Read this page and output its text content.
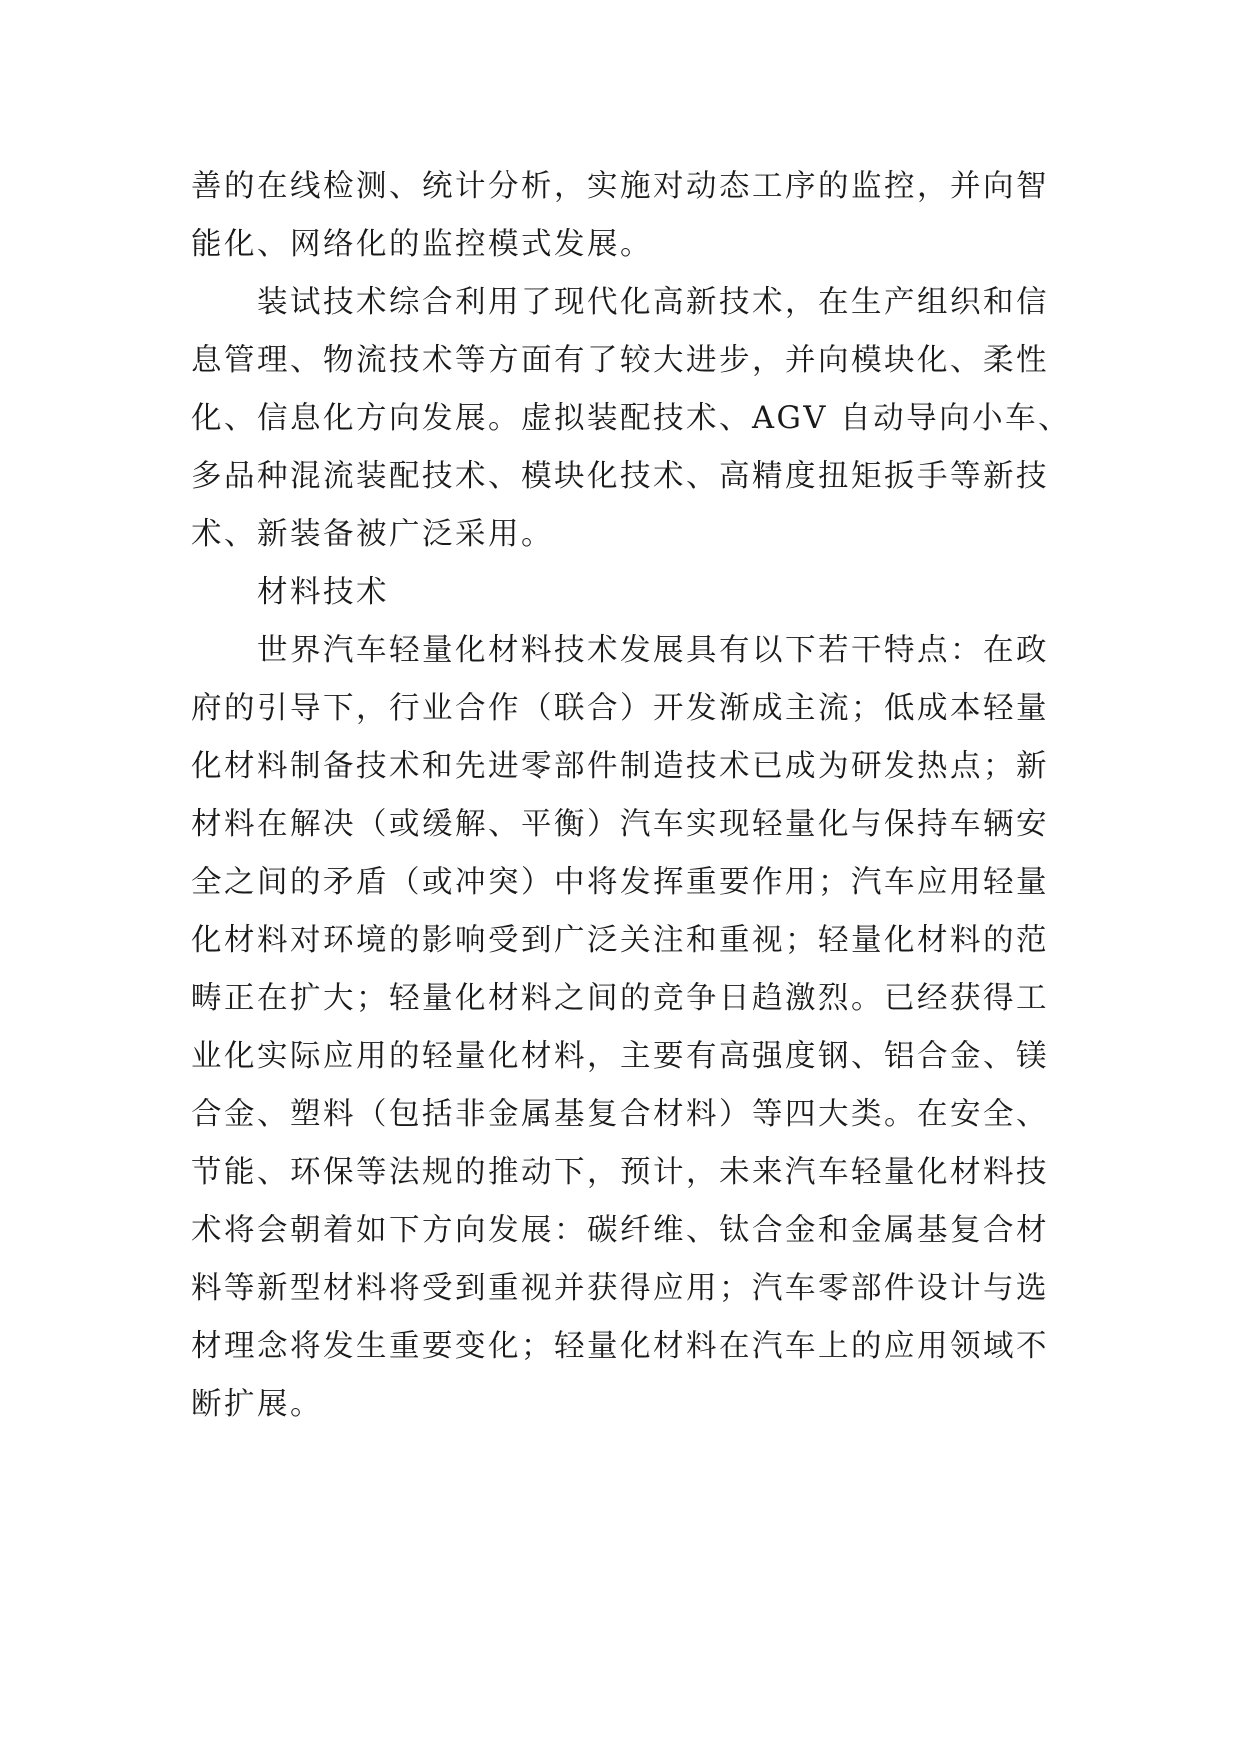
善的在线检测、统计分析，实施对动态工序的监控，并向智
能化、网络化的监控模式发展。
装试技术综合利用了现代化高新技术，在生产组织和信
息管理、物流技术等方面有了较大进步，并向模块化、柔性
化、信息化方向发展。虚拟装配技术、AGV 自动导向小车、
多品种混流装配技术、模块化技术、高精度扭矩扳手等新技
术、新装备被广泛采用。
材料技术
世界汽车轻量化材料技术发展具有以下若干特点：在政
府的引导下，行业合作（联合）开发渐成主流；低成本轻量
化材料制备技术和先进零部件制造技术已成为研发热点；新
材料在解决（或缓解、平衡）汽车实现轻量化与保持车辆安
全之间的矛盾（或冲突）中将发挥重要作用；汽车应用轻量
化材料对环境的影响受到广泛关注和重视；轻量化材料的范
畴正在扩大；轻量化材料之间的竞争日趋激烈。已经获得工
业化实际应用的轻量化材料，主要有高强度钢、铝合金、镁
合金、塑料（包括非金属基复合材料）等四大类。在安全、
节能、环保等法规的推动下，预计，未来汽车轻量化材料技
术将会朝着如下方向发展：碳纤维、钛合金和金属基复合材
料等新型材料将受到重视并获得应用；汽车零部件设计与选
材理念将发生重要变化；轻量化材料在汽车上的应用领域不
断扩展。
